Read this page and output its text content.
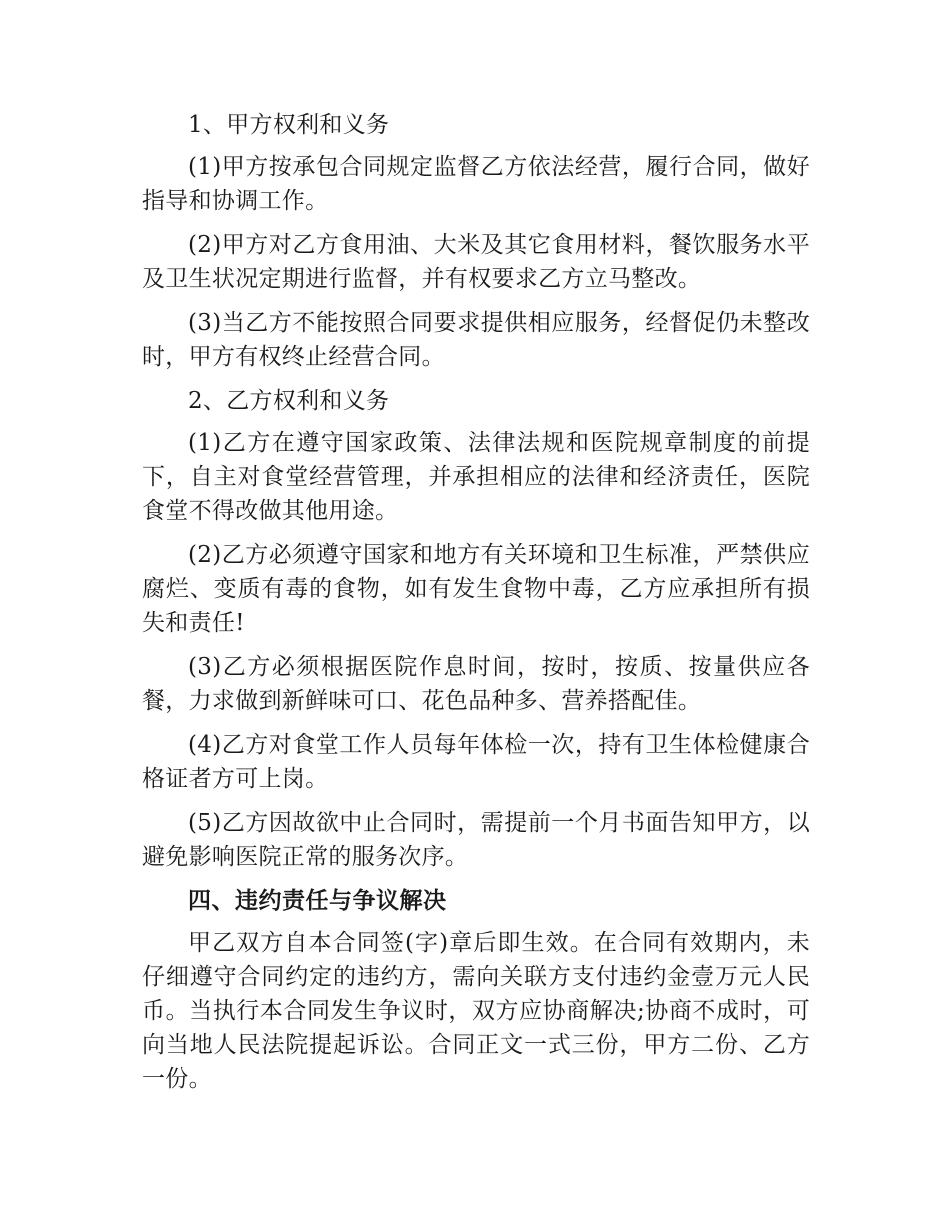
1、甲方权利和义务

(1)甲方按承包合同规定监督乙方依法经营，履行合同，做好指导和协调工作。

(2)甲方对乙方食用油、大米及其它食用材料，餐饮服务水平及卫生状况定期进行监督，并有权要求乙方立马整改。

(3)当乙方不能按照合同要求提供相应服务，经督促仍未整改时，甲方有权终止经营合同。

2、乙方权利和义务

(1)乙方在遵守国家政策、法律法规和医院规章制度的前提下，自主对食堂经营管理，并承担相应的法律和经济责任，医院食堂不得改做其他用途。

(2)乙方必须遵守国家和地方有关环境和卫生标准，严禁供应腐烂、变质有毒的食物，如有发生食物中毒，乙方应承担所有损失和责任!

(3)乙方必须根据医院作息时间，按时，按质、按量供应各餐，力求做到新鲜味可口、花色品种多、营养搭配佳。

(4)乙方对食堂工作人员每年体检一次，持有卫生体检健康合格证者方可上岗。

(5)乙方因故欲中止合同时，需提前一个月书面告知甲方，以避免影响医院正常的服务次序。

四、违约责任与争议解决

甲乙双方自本合同签(字)章后即生效。在合同有效期内，未仔细遵守合同约定的违约方，需向关联方支付违约金壹万元人民币。当执行本合同发生争议时，双方应协商解决;协商不成时，可向当地人民法院提起诉讼。合同正文一式三份，甲方二份、乙方一份。
